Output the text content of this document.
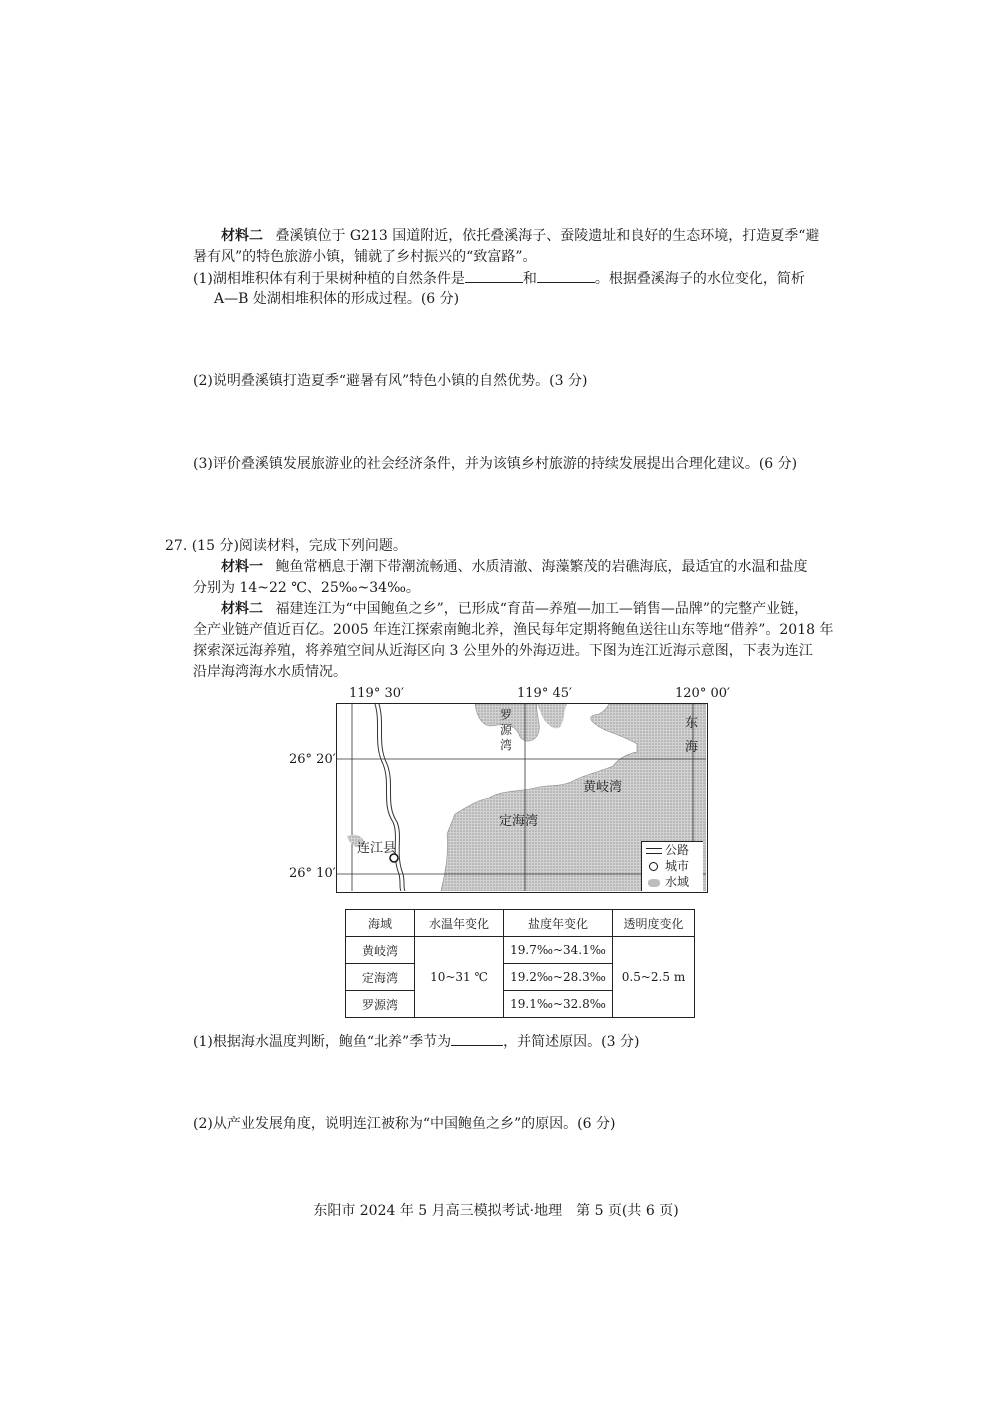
材料二 叠溪镇位于 G213 国道附近，依托叠溪海子、蚕陵遗址和良好的生态环境，打造夏季“避
暑有风”的特色旅游小镇，铺就了乡村振兴的“致富路”。
(1)湖相堆积体有利于果树种植的自然条件是	和	。根据叠溪海子的水位变化，简析
A—B 处湖相堆积体的形成过程。(6 分)
(2)说明叠溪镇打造夏季“避暑有风”特色小镇的自然优势。(3 分)
(3)评价叠溪镇发展旅游业的社会经济条件，并为该镇乡村旅游的持续发展提出合理化建议。(6 分)
27. (15 分)阅读材料，完成下列问题。
材料一 鲍鱼常栖息于潮下带潮流畅通、水质清澈、海藻繁茂的岩礁海底，最适宜的水温和盐度
分别为 14~22 ℃、25‰~34‰。
材料二 福建连江为“中国鲍鱼之乡”，已形成“育苗—养殖—加工—销售—品牌”的完整产业链，
全产业链产值近百亿。2005 年连江探索南鲍北养，渔民每年定期将鲍鱼送往山东等地“借养”。2018 年
探索深远海养殖，将养殖空间从近海区向 3 公里外的外海迈进。下图为连江近海示意图，下表为连江
沿岸海湾海水水质情况。
119° 30′	119° 45′	120° 00′
26° 20′
26° 10′
罗
源
湾
东
海
黄岐湾
定海湾
连江县	公路
城市
水域
海域	水温年变化	盐度年变化	透明度变化
黄岐湾	10~31 ℃	19.7‰~34.1‰	0.5~2.5 m
定海湾		19.2‰~28.3‰	
罗源湾		19.1‰~32.8‰	
(1)根据海水温度判断，鲍鱼“北养”季节为	，并简述原因。(3 分)
(2)从产业发展角度，说明连江被称为“中国鲍鱼之乡”的原因。(6 分)
东阳市 2024 年 5 月高三模拟考试·地理　第 5 页(共 6 页)
